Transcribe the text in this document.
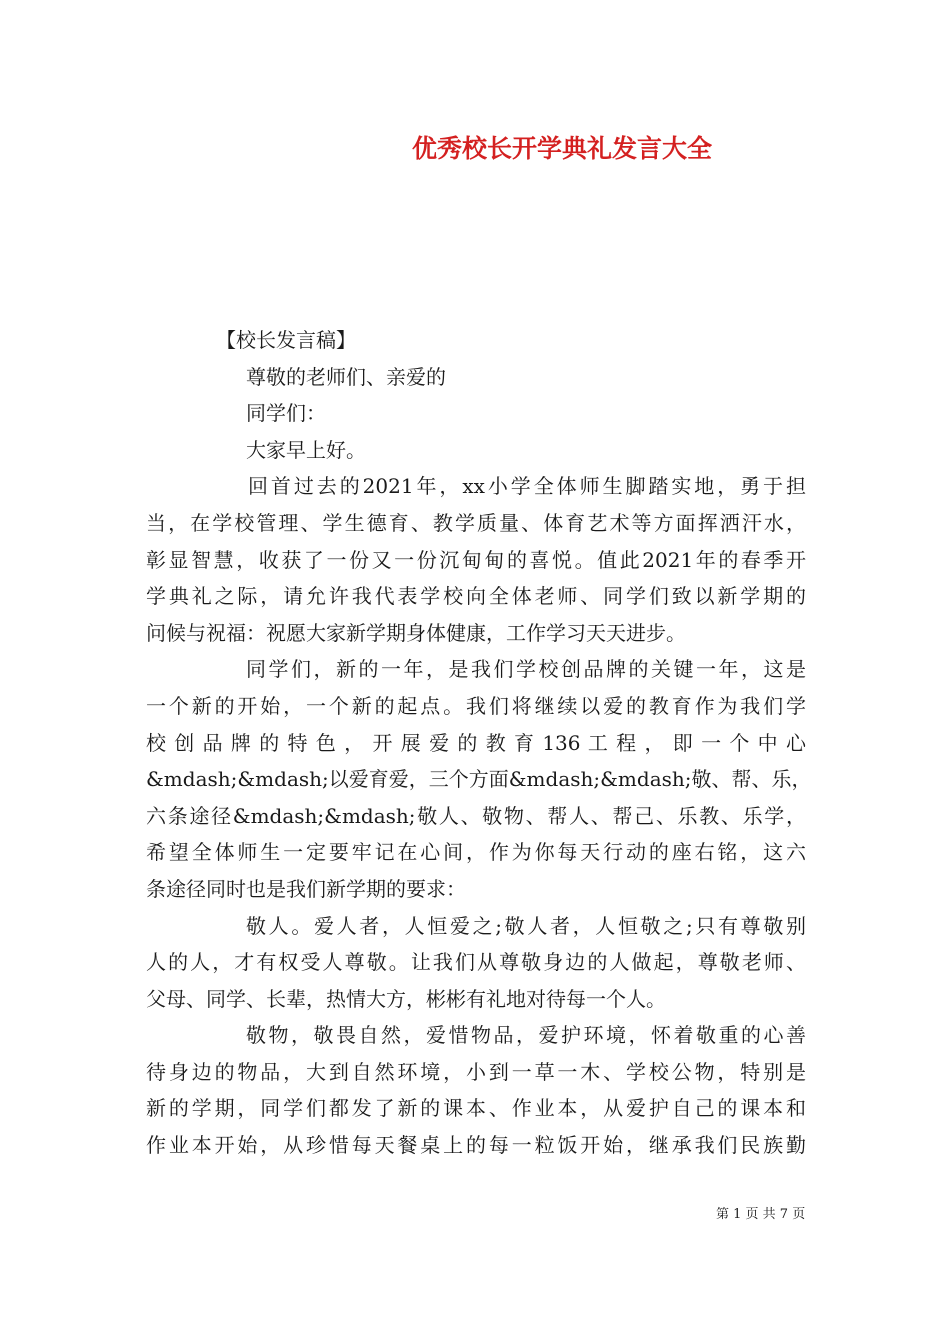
优秀校长开学典礼发言大全
【校长发言稿】
尊敬的老师们、亲爱的
同学们：
大家早上好。
回首过去的2021年，xx小学全体师生脚踏实地，勇于担
当，在学校管理、学生德育、教学质量、体育艺术等方面挥洒汗水，
彰显智慧，收获了一份又一份沉甸甸的喜悦。值此2021年的春季开
学典礼之际，请允许我代表学校向全体老师、同学们致以新学期的
问候与祝福：祝愿大家新学期身体健康，工作学习天天进步。
同学们，新的一年，是我们学校创品牌的关键一年，这是
一个新的开始，一个新的起点。我们将继续以爱的教育作为我们学
校 创 品 牌 的 特 色 ， 开 展 爱 的 教 育 136 工 程 ， 即 一 个 中 心
&mdash;&mdash;以爱育爱，三个方面&mdash;&mdash;敬、帮、乐，
六条途径&mdash;&mdash;敬人、敬物、帮人、帮己、乐教、乐学，
希望全体师生一定要牢记在心间，作为你每天行动的座右铭，这六
条途径同时也是我们新学期的要求：
敬人。爱人者，人恒爱之;敬人者，人恒敬之;只有尊敬别
人的人，才有权受人尊敬。让我们从尊敬身边的人做起，尊敬老师、
父母、同学、长辈，热情大方，彬彬有礼地对待每一个人。
敬物，敬畏自然，爱惜物品，爱护环境，怀着敬重的心善
待身边的物品，大到自然环境，小到一草一木、学校公物，特别是
新的学期，同学们都发了新的课本、作业本，从爱护自己的课本和
作业本开始，从珍惜每天餐桌上的每一粒饭开始，继承我们民族勤
第 1 页 共 7 页
